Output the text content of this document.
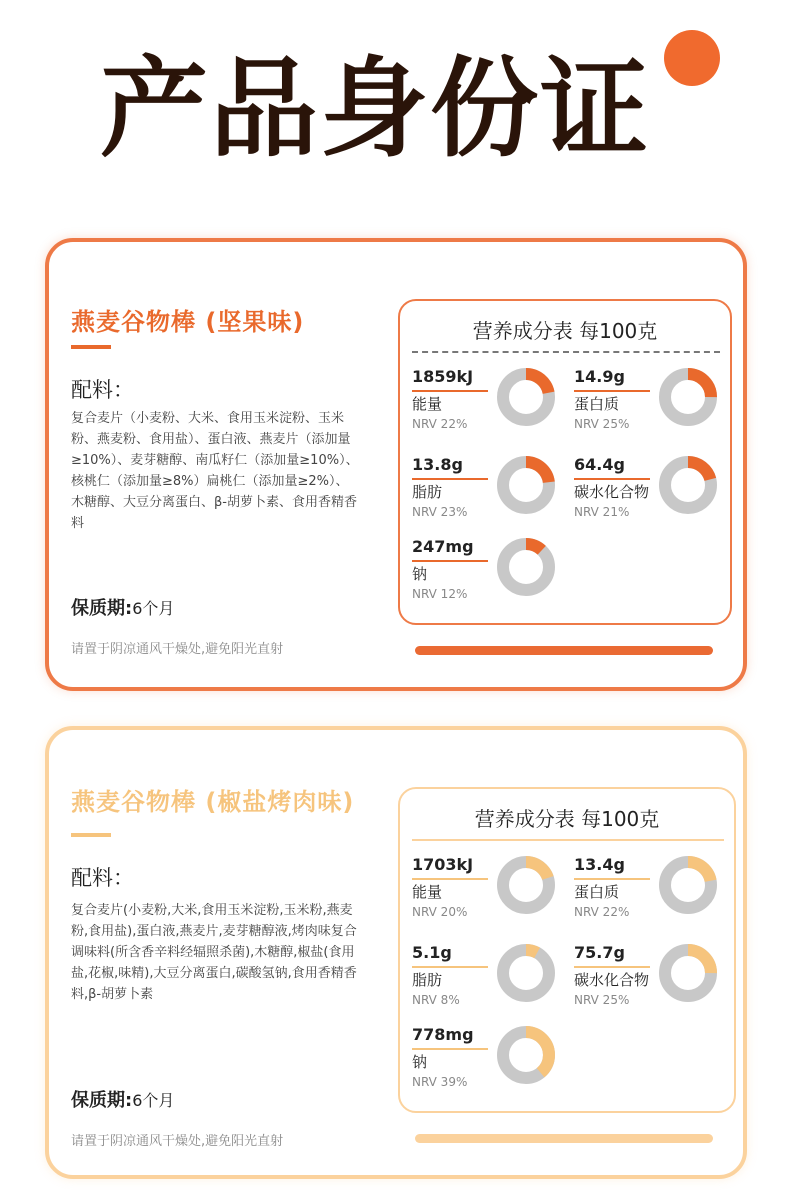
产品身份证
燕麦谷物棒 (坚果味)
配料：
复合麦片（小麦粉、大米、食用玉米淀粉、玉米粉、燕麦粉、食用盐）、蛋白液、燕麦片（添加量≥10%）、麦芽糖醇、南瓜籽仁（添加量≥10%）、核桃仁（添加量≥8%）扁桃仁（添加量≥2%）、木糖醇、大豆分离蛋白、β-胡萝卜素、食用香精香料
保质期:6个月
请置于阴凉通风干燥处,避免阳光直射
营养成分表 每100克
1859kJ
能量
NRV 22%
14.9g
蛋白质
NRV 25%
13.8g
脂肪
NRV 23%
64.4g
碳水化合物
NRV 21%
247mg
钠
NRV 12%
燕麦谷物棒 (椒盐烤肉味)
配料：
复合麦片(小麦粉,大米,食用玉米淀粉,玉米粉,燕麦粉,食用盐),蛋白液,燕麦片,麦芽糖醇液,烤肉味复合调味料(所含香辛料经辐照杀菌),木糖醇,椒盐(食用盐,花椒,味精),大豆分离蛋白,碳酸氢钠,食用香精香料,β-胡萝卜素
保质期:6个月
请置于阴凉通风干燥处,避免阳光直射
营养成分表 每100克
1703kJ
能量
NRV 20%
13.4g
蛋白质
NRV 22%
5.1g
脂肪
NRV 8%
75.7g
碳水化合物
NRV 25%
778mg
钠
NRV 39%
